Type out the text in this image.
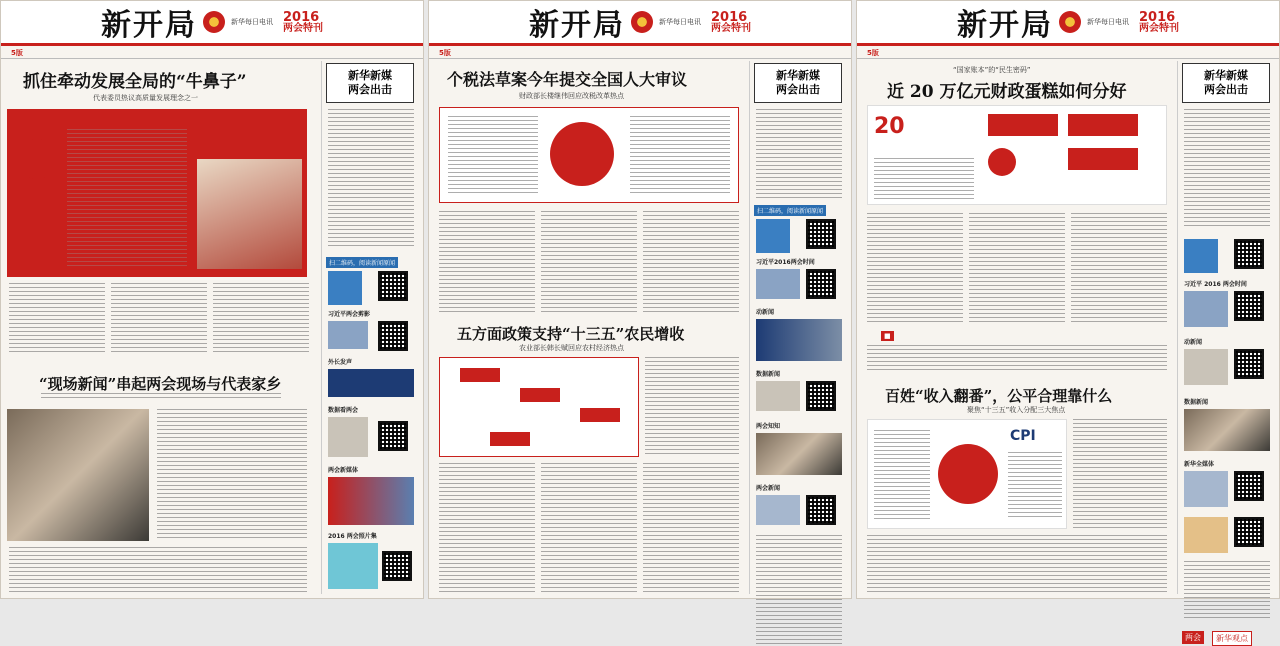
新开局	新华每日电讯 2016
两会特刊
5版
抓住牵动发展全局的“牛鼻子”
代表委员热议高质量发展理念之一
“现场新闻”串起两会现场与代表家乡
新华新媒
两会出击
扫二维码，阅读新闻原闻
习近平两会剪影
外长发声
数据看两会
两会新媒体
2016 两会照片集
新开局	新华每日电讯 2016
两会特刊
5版
个税法草案今年提交全国人大审议
财政部长楼继伟回应改税改革热点
五方面政策支持“十三五”农民增收
农业部长韩长赋回应农村经济热点
新华新媒
两会出击
扫二维码，阅读新闻原闻
习近平2016两会时间
动新闻
数据新闻
两会知知
两会新闻
新开局	新华每日电讯 2016
两会特刊
5版
“国家账本”的“民生密码”
近 20 万亿元财政蛋糕如何分好
20
■
百姓“收入翻番”，公平合理靠什么
聚焦“十三五”收入分配三大焦点
CPI
新华新媒
两会出击
习近平 2016 两会时间
动新闻
数据新闻
新华全媒体
两会	新华观点
